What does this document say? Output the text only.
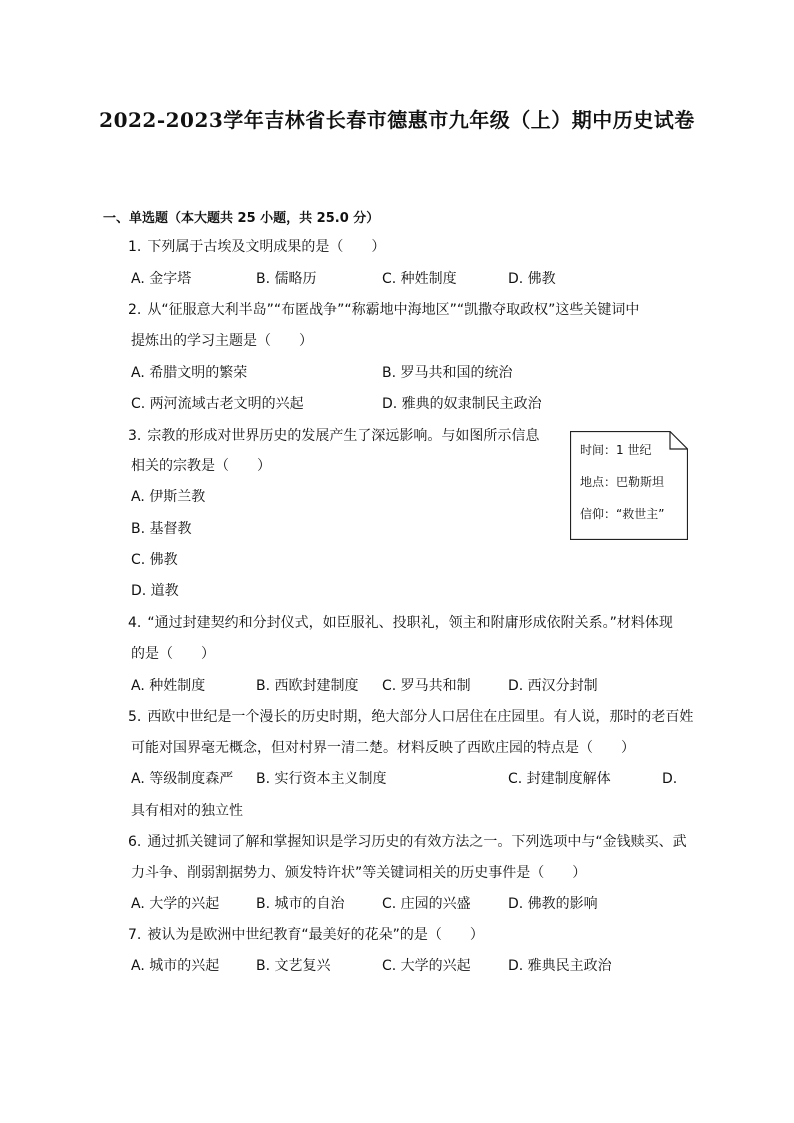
2022-2023学年吉林省长春市德惠市九年级（上）期中历史试卷
一、单选题（本大题共 25 小题，共 25.0 分）
1. 下列属于古埃及文明成果的是（　　）
A. 金字塔	B. 儒略历	C. 种姓制度	D. 佛教
2. 从“征服意大利半岛”“布匿战争”“称霸地中海地区”“凯撒夺取政权”这些关键词中
提炼出的学习主题是（　　）
A. 希腊文明的繁荣	B. 罗马共和国的统治
C. 两河流域古老文明的兴起	D. 雅典的奴隶制民主政治
3. 宗教的形成对世界历史的发展产生了深远影响。与如图所示信息
相关的宗教是（　　）
A. 伊斯兰教
B. 基督教
C. 佛教
D. 道教
时间：1 世纪
地点：巴勒斯坦
信仰：“救世主”
4. “通过封建契约和分封仪式，如臣服礼、投职礼，领主和附庸形成依附关系。”材料体现
的是（　　）
A. 种姓制度	B. 西欧封建制度 C. 罗马共和制	D. 西汉分封制
5. 西欧中世纪是一个漫长的历史时期，绝大部分人口居住在庄园里。有人说，那时的老百姓
可能对国界毫无概念，但对村界一清二楚。材料反映了西欧庄园的特点是（　　）
A. 等级制度森严 B. 实行资本主义制度	C. 封建制度解体	D.
具有相对的独立性
6. 通过抓关键词了解和掌握知识是学习历史的有效方法之一。下列选项中与“金钱赎买、武
力斗争、削弱割据势力、颁发特许状”等关键词相关的历史事件是（　　）
A. 大学的兴起	B. 城市的自治	C. 庄园的兴盛	D. 佛教的影响
7. 被认为是欧洲中世纪教育“最美好的花朵”的是（　　）
A. 城市的兴起	B. 文艺复兴	C. 大学的兴起	D. 雅典民主政治
